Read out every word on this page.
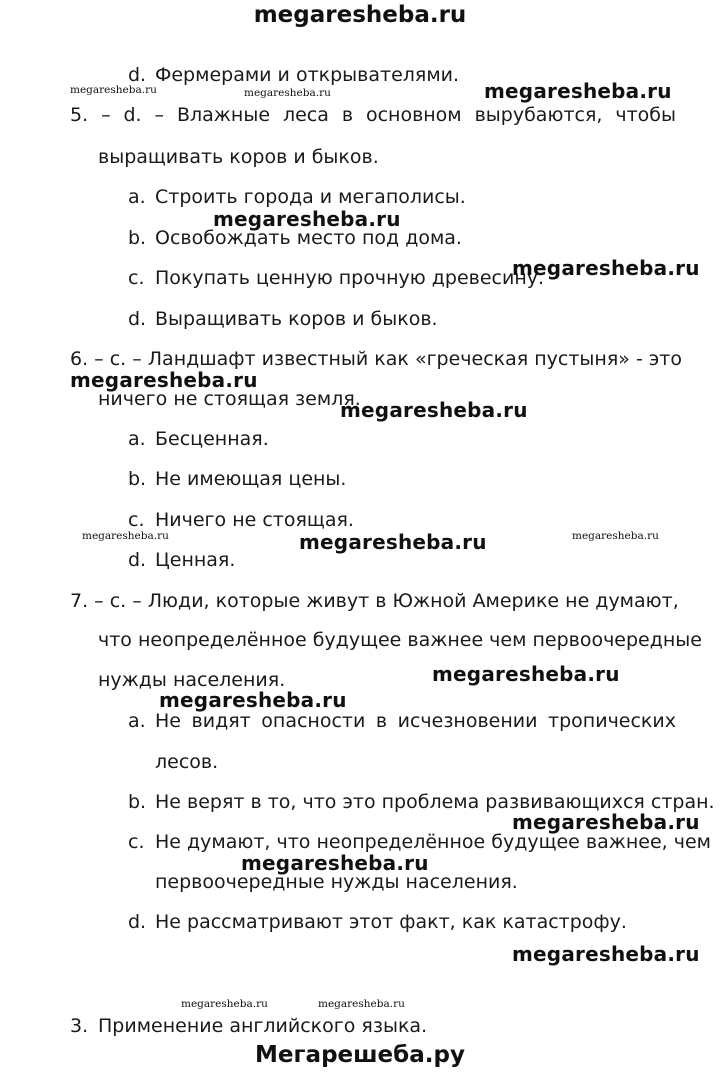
megaresheba.ru
d. Фермерами и открывателями.
5. – d. – Влажные леса в основном вырубаются, чтобы
выращивать коров и быков.
a. Строить города и мегаполисы.
b. Освобождать место под дома.
c. Покупать ценную прочную древесину.
d. Выращивать коров и быков.
6. – с. – Ландшафт известный как «греческая пустыня» - это
ничего не стоящая земля.
a. Бесценная.
b. Не имеющая цены.
c. Ничего не стоящая.
d. Ценная.
7. – с. – Люди, которые живут в Южной Америке не думают,
что неопределённое будущее важнее чем первоочередные
нужды населения.
a. Не видят опасности в исчезновении тропических
лесов.
b. Не верят в то, что это проблема развивающихся стран.
c. Не думают, что неопределённое будущее важнее, чем
первоочередные нужды населения.
d. Не рассматривают этот факт, как катастрофу.
3. Применение английского языка.
megaresheba.ru
megaresheba.ru
megaresheba.ru
megaresheba.ru
megaresheba.ru
megaresheba.ru
megaresheba.ru
megaresheba.ru
megaresheba.ru
megaresheba.ru
megaresheba.ru
megaresheba.ru	megaresheba.ru
megaresheba.ru	megaresheba.ru
megaresheba.ru	megaresheba.ru
Мегарешеба.ру
